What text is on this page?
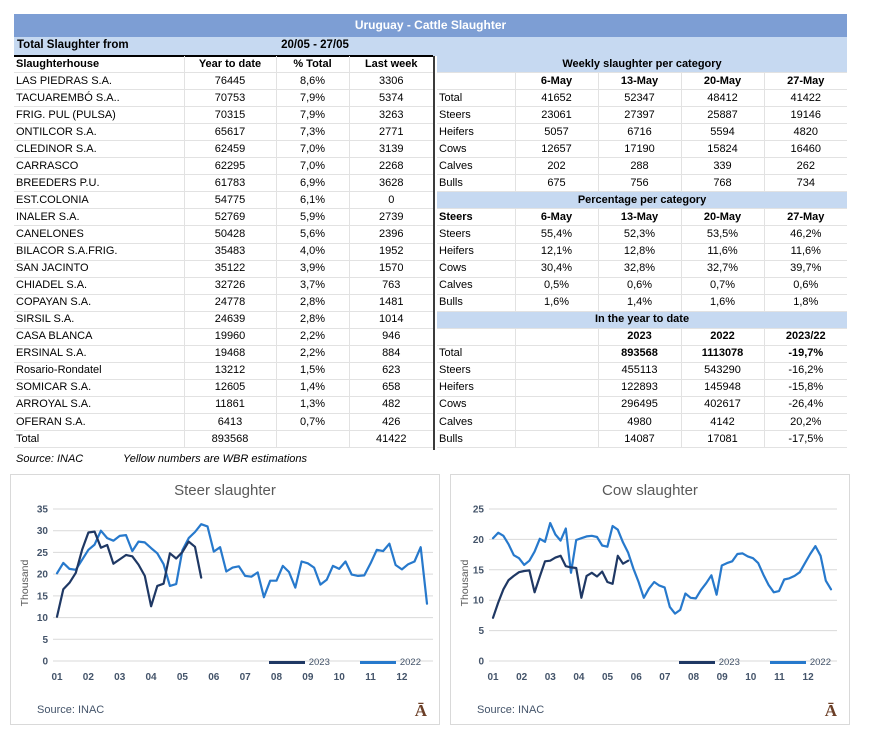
Uruguay - Cattle Slaughter
Total Slaughter from	20/05 - 27/05
Slaughterhouse	Year to date	% Total	Last week
LAS PIEDRAS S.A.	76445	8,6%	3306
TACUAREMBÓ S.A..	70753	7,9%	5374
FRIG. PUL (PULSA)	70315	7,9%	3263
ONTILCOR S.A.	65617	7,3%	2771
CLEDINOR S.A.	62459	7,0%	3139
CARRASCO	62295	7,0%	2268
BREEDERS P.U.	61783	6,9%	3628
EST.COLONIA	54775	6,1%	0
INALER S.A.	52769	5,9%	2739
CANELONES	50428	5,6%	2396
BILACOR S.A.FRIG.	35483	4,0%	1952
SAN JACINTO	35122	3,9%	1570
CHIADEL S.A.	32726	3,7%	763
COPAYAN S.A.	24778	2,8%	1481
SIRSIL S.A.	24639	2,8%	1014
CASA BLANCA	19960	2,2%	946
ERSINAL S.A.	19468	2,2%	884
Rosario-Rondatel	13212	1,5%	623
SOMICAR S.A.	12605	1,4%	658
ARROYAL S.A.	11861	1,3%	482
OFERAN S.A.	6413	0,7%	426
Total	893568		41422
Weekly slaughter per category				
	6-May	13-May	20-May	27-May
Total	41652	52347	48412	41422
Steers	23061	27397	25887	19146
Heifers	5057	6716	5594	4820
Cows	12657	17190	15824	16460
Calves	202	288	339	262
Bulls	675	756	768	734
Percentage per category				
Steers	6-May	13-May	20-May	27-May
Steers	55,4%	52,3%	53,5%	46,2%
Heifers	12,1%	12,8%	11,6%	11,6%
Cows	30,4%	32,8%	32,7%	39,7%
Calves	0,5%	0,6%	0,7%	0,6%
Bulls	1,6%	1,4%	1,6%	1,8%
In the year to date				
		2023	2022	2023/22
Total		893568	1113078	-19,7%
Steers		455113	543290	-16,2%
Heifers		122893	145948	-15,8%
Cows		296495	402617	-26,4%
Calves		4980	4142	20,2%
Bulls		14087	17081	-17,5%
Source: INAC	Yellow numbers are WBR estimations
Steer slaughter
Thousand
0
5
10
15
20
25
30
35
01 02 03 04 05 06 07 08 09 10 11 12
2023	2022
Source: INAC	Ā
Cow slaughter
Thousand
0
5
10
15
20
25
01 02 03 04 05 06 07 08 09 10 11 12
2023	2022
Source: INAC	Ā
